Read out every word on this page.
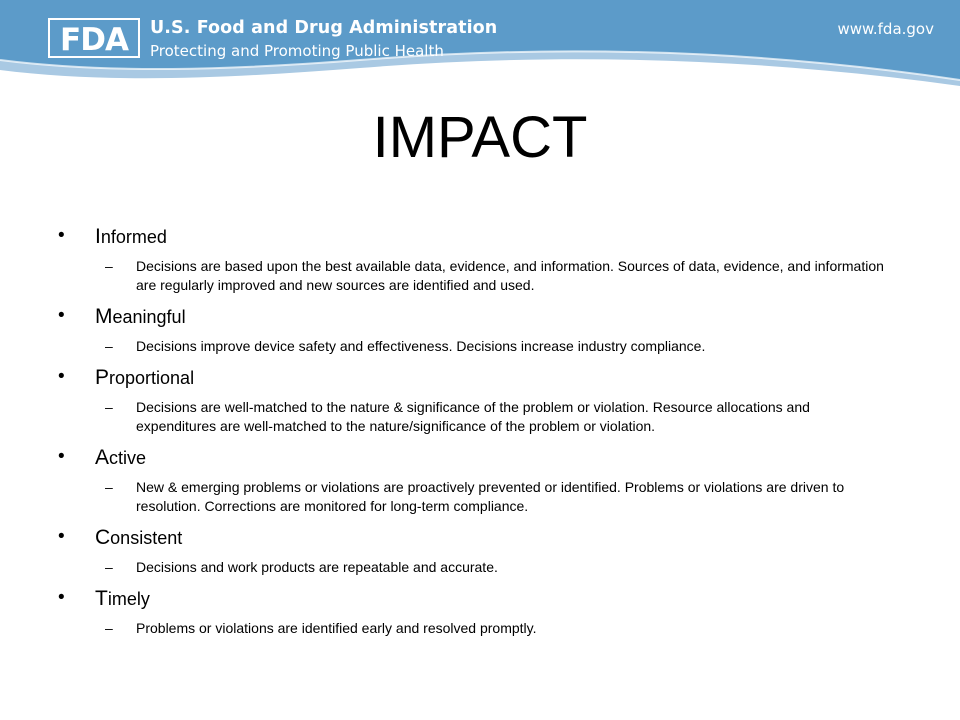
FDA U.S. Food and Drug Administration
Protecting and Promoting Public Health
www.fda.gov
IMPACT
• Informed
– Decisions are based upon the best available data, evidence, and information. Sources of data, evidence, and information are regularly improved and new sources are identified and used.
• Meaningful
– Decisions improve device safety and effectiveness. Decisions increase industry compliance.
• Proportional
– Decisions are well-matched to the nature & significance of the problem or violation. Resource allocations and expenditures are well-matched to the nature/significance of the problem or violation.
• Active
– New & emerging problems or violations are proactively prevented or identified. Problems or violations are driven to resolution. Corrections are monitored for long-term compliance.
• Consistent
– Decisions and work products are repeatable and accurate.
• Timely
– Problems or violations are identified early and resolved promptly.
